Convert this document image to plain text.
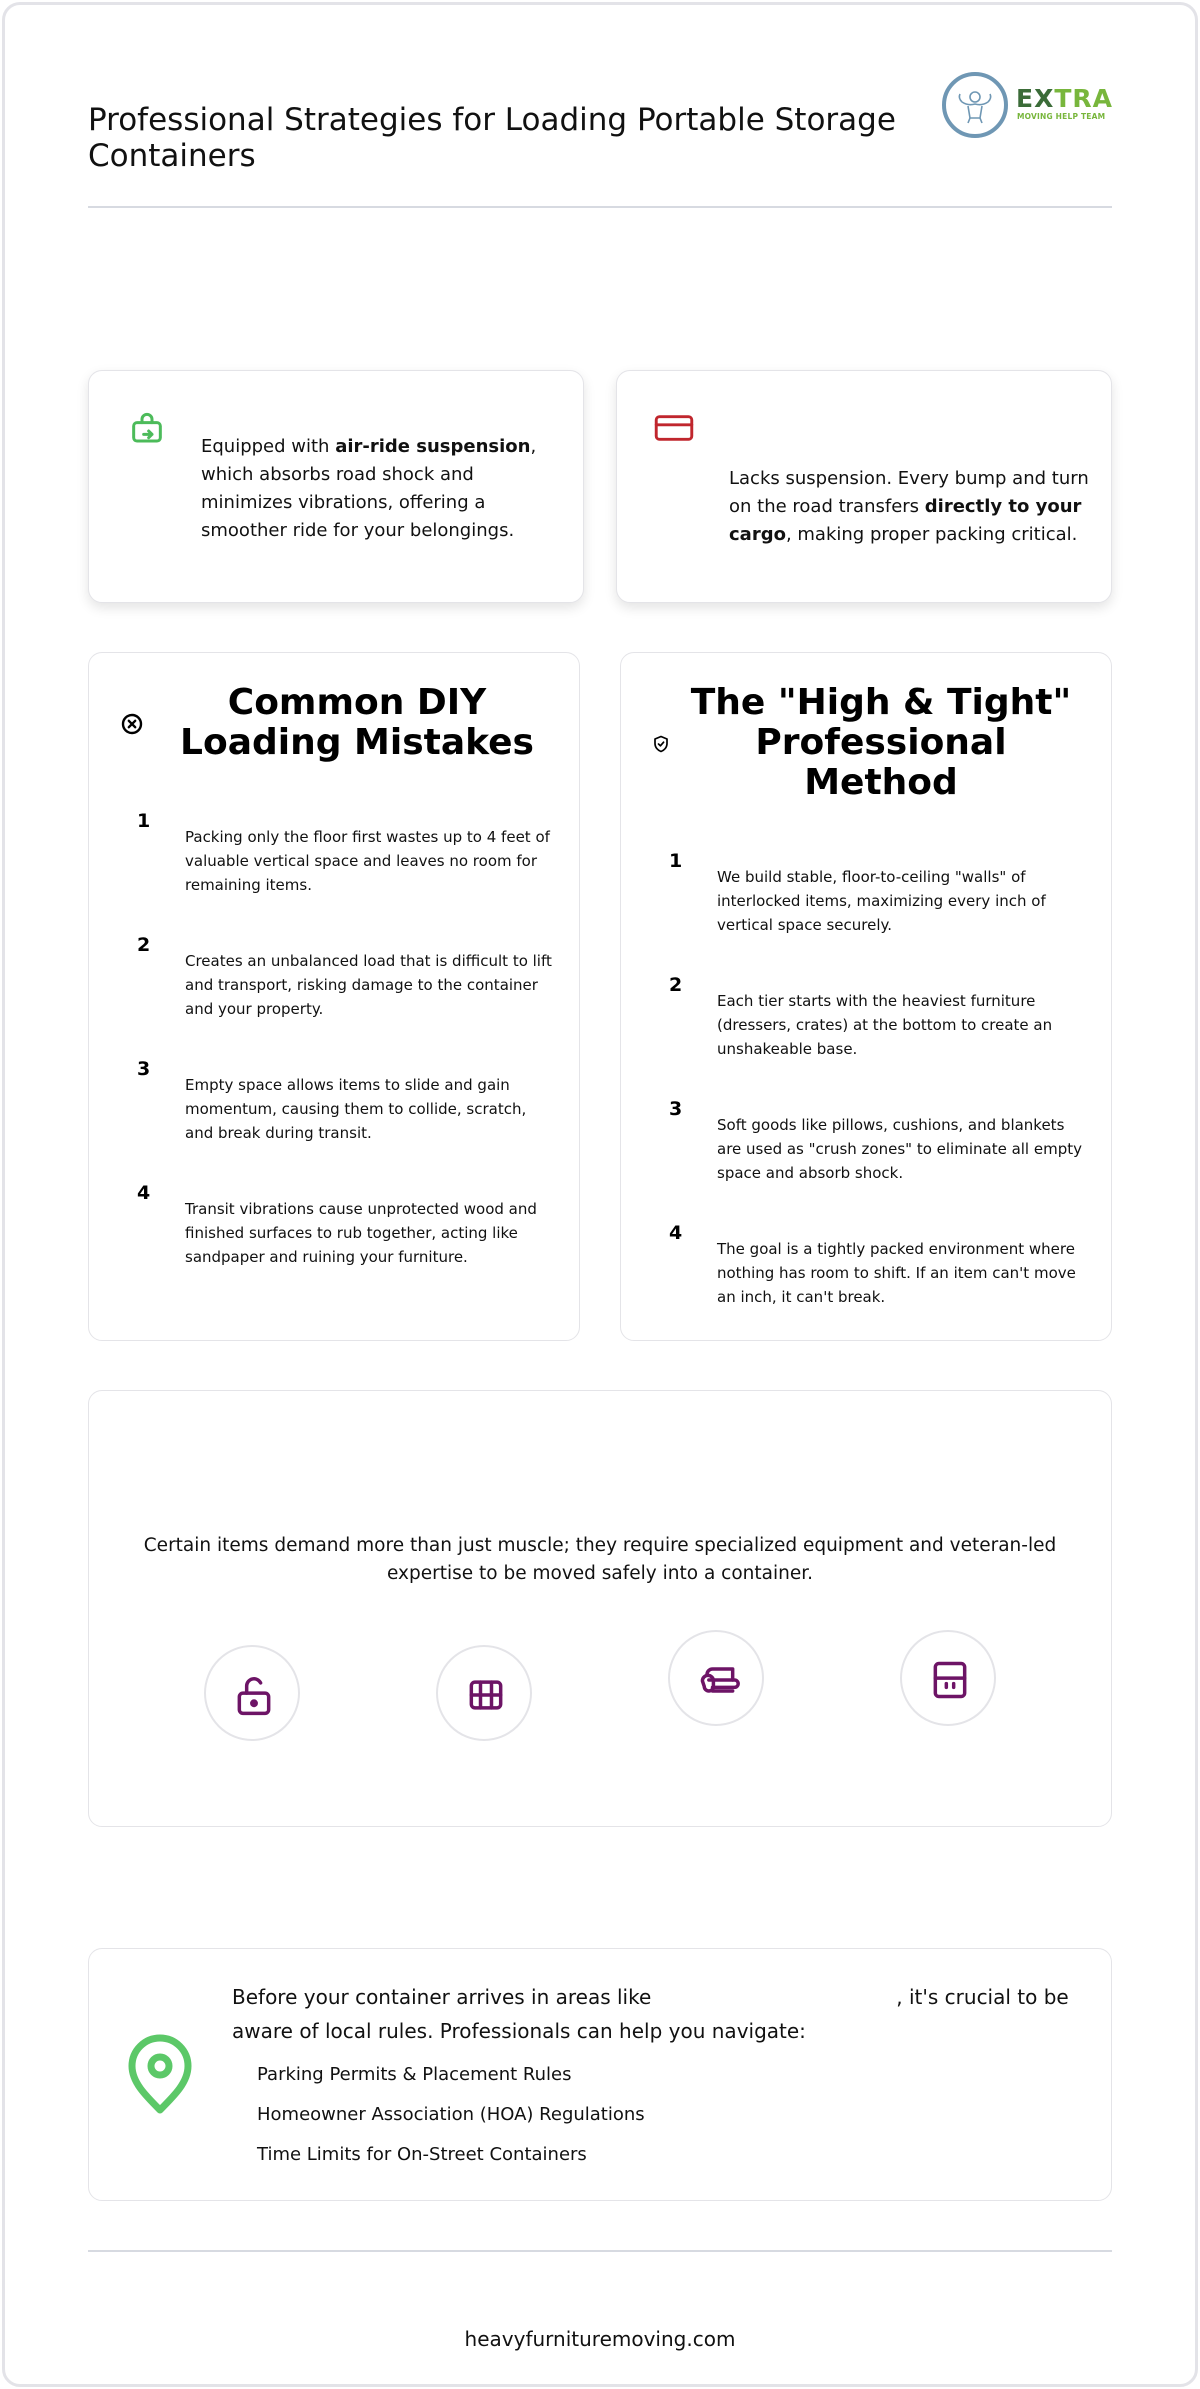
Professional Strategies for Loading Portable Storage Containers
EXTRA
MOVING HELP TEAM

Equipped with air-ride suspension, which absorbs road shock and minimizes vibrations, offering a smoother ride for your belongings.

Lacks suspension. Every bump and turn on the road transfers directly to your cargo, making proper packing critical.

Common DIY Loading Mistakes
1

Packing only the floor first wastes up to 4 feet of valuable vertical space and leaves no room for remaining items.

2

Creates an unbalanced load that is difficult to lift and transport, risking damage to the container and your property.

3

Empty space allows items to slide and gain momentum, causing them to collide, scratch, and break during transit.

4

Transit vibrations cause unprotected wood and finished surfaces to rub together, acting like sandpaper and ruining your furniture.

The "High & Tight" Professional Method
1

We build stable, floor-to-ceiling "walls" of interlocked items, maximizing every inch of vertical space securely.

2

Each tier starts with the heaviest furniture (dressers, crates) at the bottom to create an unshakeable base.

3

Soft goods like pillows, cushions, and blankets are used as "crush zones" to eliminate all empty space and absorb shock.

4

The goal is a tightly packed environment where nothing has room to shift. If an item can't move an inch, it can't break.

Certain items demand more than just muscle; they require specialized equipment and veteran-led expertise to be moved safely into a container.

Before your container arrives in areas like	, it's crucial to be aware of local rules. Professionals can help you navigate:

Parking Permits & Placement Rules
Homeowner Association (HOA) Regulations
Time Limits for On-Street Containers
heavyfurnituremoving.com
